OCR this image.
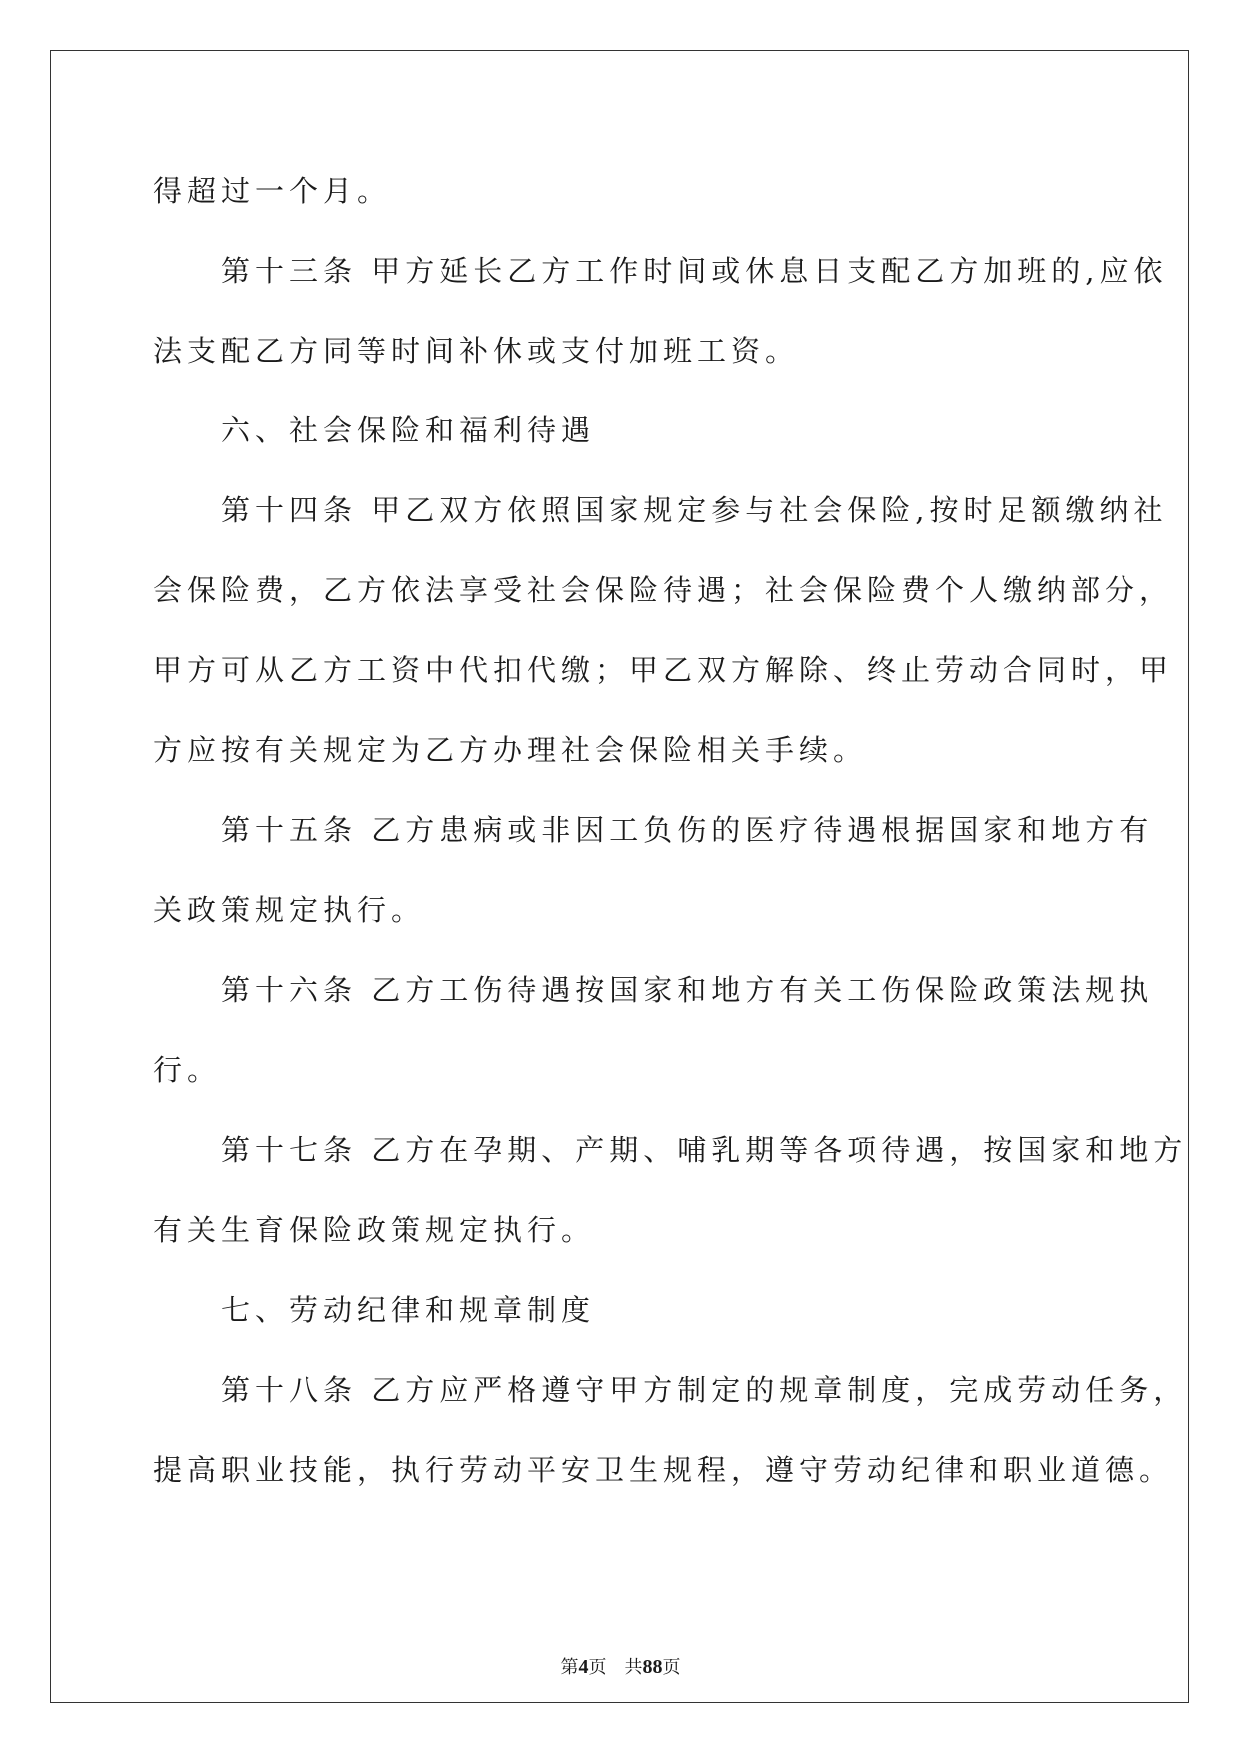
得超过一个月。
　　第十三条 甲方延长乙方工作时间或休息日支配乙方加班的,应依
法支配乙方同等时间补休或支付加班工资。
　　六、社会保险和福利待遇
　　第十四条 甲乙双方依照国家规定参与社会保险,按时足额缴纳社
会保险费，乙方依法享受社会保险待遇；社会保险费个人缴纳部分，
甲方可从乙方工资中代扣代缴；甲乙双方解除、终止劳动合同时，甲
方应按有关规定为乙方办理社会保险相关手续。
　　第十五条 乙方患病或非因工负伤的医疗待遇根据国家和地方有
关政策规定执行。
　　第十六条 乙方工伤待遇按国家和地方有关工伤保险政策法规执
行。
　　第十七条 乙方在孕期、产期、哺乳期等各项待遇，按国家和地方
有关生育保险政策规定执行。
　　七、劳动纪律和规章制度
　　第十八条 乙方应严格遵守甲方制定的规章制度，完成劳动任务，
提高职业技能，执行劳动平安卫生规程，遵守劳动纪律和职业道德。
第4页　共88页
